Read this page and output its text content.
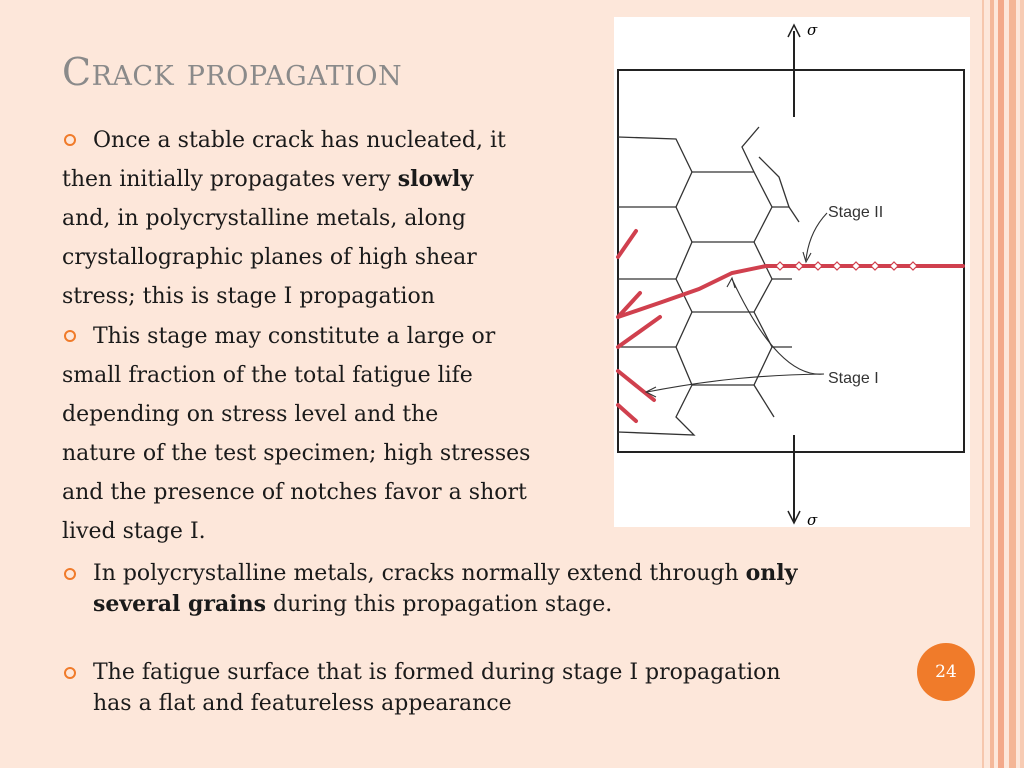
Crack propagation
Once a stable crack has nucleated, it
then initially propagates very slowly
and, in polycrystalline metals, along
crystallographic planes of high shear
stress; this is stage I propagation
This stage may constitute a large or
small fraction of the total fatigue life
depending on stress level and the
nature of the test specimen; high stresses
and the presence of notches favor a short
lived stage I.
In polycrystalline metals, cracks normally extend through only several grains during this propagation stage.
The fatigue surface that is formed during stage I propagation has a flat and featureless appearance
σ
σ
Stage II
Stage I
24
